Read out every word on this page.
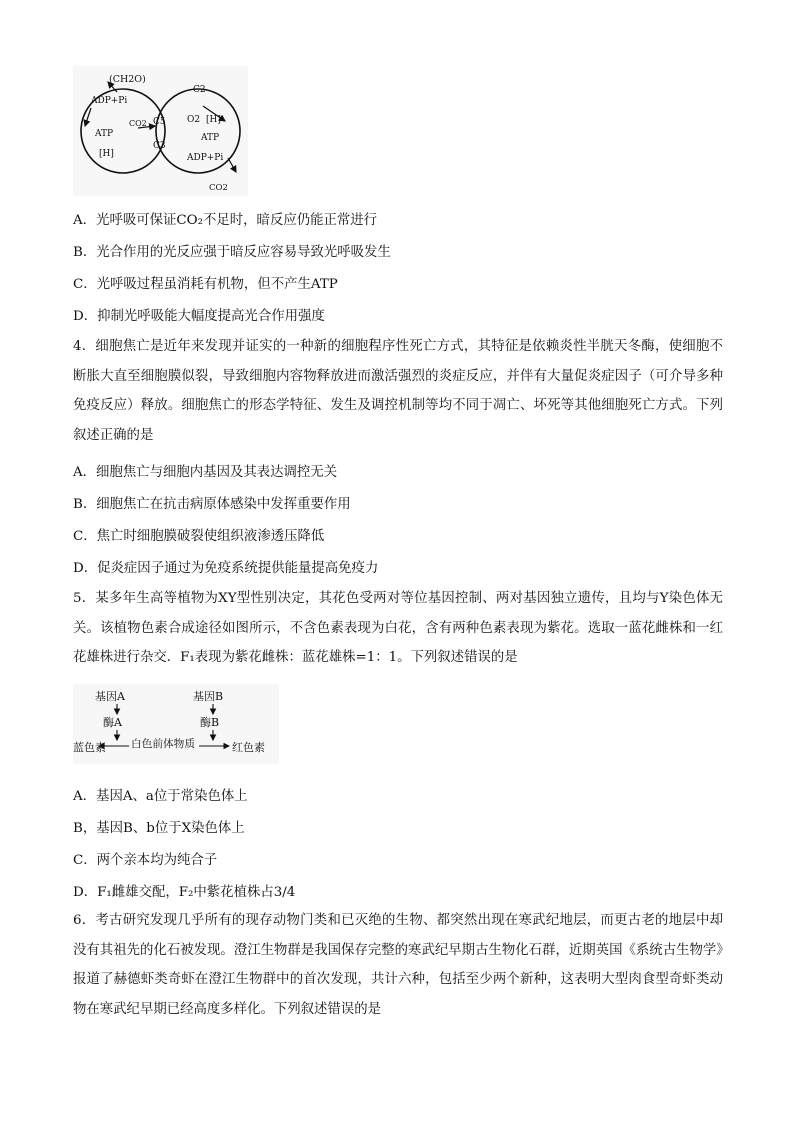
(CH2O)
ADP+Pi
ATP
[H]
CO2 C5
C3
C2
O2 [H]
ATP
ADP+Pi
CO2
A．光呼吸可保证CO₂不足时，暗反应仍能正常进行
B．光合作用的光反应强于暗反应容易导致光呼吸发生
C．光呼吸过程虽消耗有机物，但不产生ATP
D．抑制光呼吸能大幅度提高光合作用强度
4．细胞焦亡是近年来发现并证实的一种新的细胞程序性死亡方式，其特征是依赖炎性半胱天冬酶，使细胞不断胀大直至细胞膜似裂，导致细胞内容物释放进而激活强烈的炎症反应，并伴有大量促炎症因子（可介导多种免疫反应）释放。细胞焦亡的形态学特征、发生及调控机制等均不同于凋亡、坏死等其他细胞死亡方式。下列叙述正确的是
A．细胞焦亡与细胞内基因及其表达调控无关
B．细胞焦亡在抗击病原体感染中发挥重要作用
C．焦亡时细胞膜破裂使组织液渗透压降低
D．促炎症因子通过为免疫系统提供能量提高免疫力
5．某多年生高等植物为XY型性别决定，其花色受两对等位基因控制、两对基因独立遗传，且均与Y染色体无关。该植物色素合成途径如图所示，不含色素表现为白花，含有两种色素表现为紫花。选取一蓝花雌株和一红花雄株进行杂交．F₁表现为紫花雌株：蓝花雄株=1：1。下列叙述错误的是
基因A
酶A
基因B
酶B
白色前体物质
蓝色素	红色素
A．基因A、a位于常染色体上
B，基因B、b位于X染色体上
C．两个亲本均为纯合子
D．F₁雌雄交配，F₂中紫花植株占3/4
6．考古研究发现几乎所有的现存动物门类和已灭绝的生物、都突然出现在寒武纪地层，而更古老的地层中却没有其祖先的化石被发现。澄江生物群是我国保存完整的寒武纪早期古生物化石群，近期英国《系统古生物学》报道了赫德虾类奇虾在澄江生物群中的首次发现，共计六种，包括至少两个新种，这表明大型肉食型奇虾类动物在寒武纪早期已经高度多样化。下列叙述错误的是
